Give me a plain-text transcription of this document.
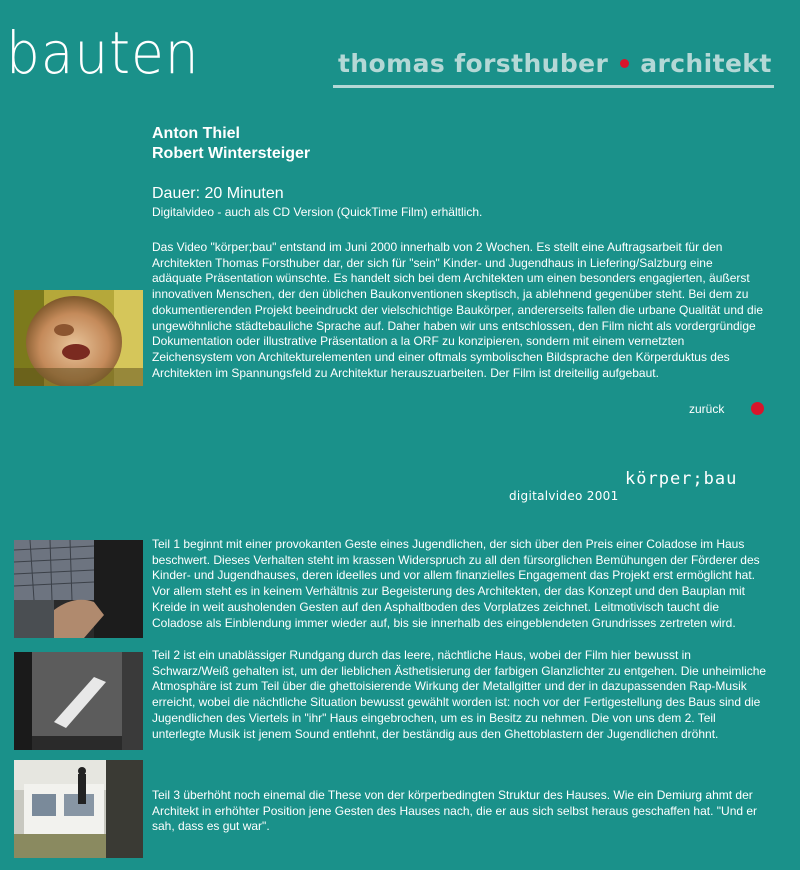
bauten	thomas forsthuber architekt
Anton Thiel
Robert Wintersteiger
Dauer: 20 Minuten
Digitalvideo - auch als CD Version (QuickTime Film) erhältlich.
Das Video "körper;bau" entstand im Juni 2000 innerhalb von 2 Wochen. Es stellt eine Auftragsarbeit für den Architekten Thomas Forsthuber dar, der sich für "sein" Kinder- und Jugendhaus in Liefering/Salzburg eine adäquate Präsentation wünschte. Es handelt sich bei dem Architekten um einen besonders engagierten, äußerst innovativen Menschen, der den üblichen Baukonventionen skeptisch, ja ablehnend gegenüber steht. Bei dem zu dokumentierenden Projekt beeindruckt der vielschichtige Baukörper, andererseits fallen die urbane Qualität und die ungewöhnliche städtebauliche Sprache auf. Daher haben wir uns entschlossen, den Film nicht als vordergründige Dokumentation oder illustrative Präsentation a la ORF zu konzipieren, sondern mit einem vernetzten Zeichensystem von Architekturelementen und einer oftmals symbolischen Bildsprache den Körperduktus des Architekten im Spannungsfeld zu Architektur herauszuarbeiten. Der Film ist dreiteilig aufgebaut.
zurück
körper;bau
digitalvideo 2001
Teil 1 beginnt mit einer provokanten Geste eines Jugendlichen, der sich über den Preis einer Coladose im Haus beschwert. Dieses Verhalten steht im krassen Widerspruch zu all den fürsorglichen Bemühungen der Förderer des Kinder- und Jugendhauses, deren ideelles und vor allem finanzielles Engagement das Projekt erst ermöglicht hat. Vor allem steht es in keinem Verhältnis zur Begeisterung des Architekten, der das Konzept und den Bauplan mit Kreide in weit ausholenden Gesten auf den Asphaltboden des Vorplatzes zeichnet. Leitmotivisch taucht die Coladose als Einblendung immer wieder auf, bis sie innerhalb des eingeblendeten Grundrisses zertreten wird.
Teil 2 ist ein unablässiger Rundgang durch das leere, nächtliche Haus, wobei der Film hier bewusst in Schwarz/Weiß gehalten ist, um der lieblichen Ästhetisierung der farbigen Glanzlichter zu entgehen. Die unheimliche Atmosphäre ist zum Teil über die ghettoisierende Wirkung der Metallgitter und der in dazupassenden Rap-Musik erreicht, wobei die nächtliche Situation bewusst gewählt worden ist: noch vor der Fertigestellung des Baus sind die Jugendlichen des Viertels in "ihr" Haus eingebrochen, um es in Besitz zu nehmen. Die von uns dem 2. Teil unterlegte Musik ist jenem Sound entlehnt, der beständig aus den Ghettoblastern der Jugendlichen dröhnt.
Teil 3 überhöht noch einemal die These von der körperbedingten Struktur des Hauses. Wie ein Demiurg ahmt der Architekt in erhöhter Position jene Gesten des Hauses nach, die er aus sich selbst heraus geschaffen hat. "Und er sah, dass es gut war".
